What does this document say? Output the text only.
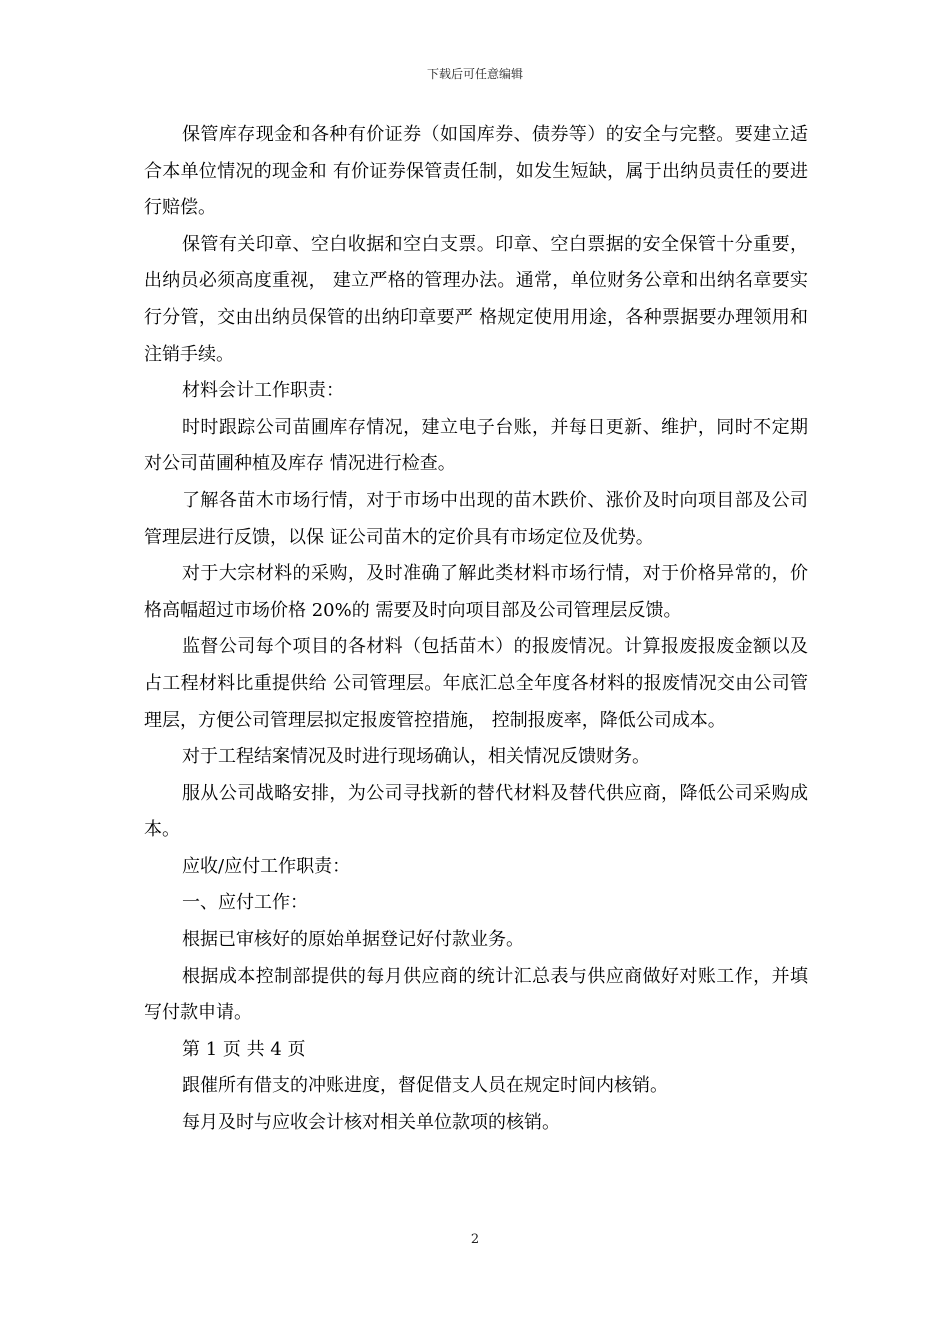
下载后可任意编辑

保管库存现金和各种有价证券（如国库券、债券等）的安全与完整。要建立适合本单位情况的现金和 有价证券保管责任制，如发生短缺，属于出纳员责任的要进行赔偿。

保管有关印章、空白收据和空白支票。印章、空白票据的安全保管十分重要，出纳员必须高度重视， 建立严格的管理办法。通常，单位财务公章和出纳名章要实行分管，交由出纳员保管的出纳印章要严 格规定使用用途，各种票据要办理领用和注销手续。

材料会计工作职责：

时时跟踪公司苗圃库存情况，建立电子台账，并每日更新、维护，同时不定期对公司苗圃种植及库存 情况进行检查。

了解各苗木市场行情，对于市场中出现的苗木跌价、涨价及时向项目部及公司管理层进行反馈，以保 证公司苗木的定价具有市场定位及优势。

对于大宗材料的采购，及时准确了解此类材料市场行情，对于价格异常的，价格高幅超过市场价格 20%的 需要及时向项目部及公司管理层反馈。

监督公司每个项目的各材料（包括苗木）的报废情况。计算报废报废金额以及占工程材料比重提供给 公司管理层。年底汇总全年度各材料的报废情况交由公司管理层，方便公司管理层拟定报废管控措施， 控制报废率，降低公司成本。

对于工程结案情况及时进行现场确认，相关情况反馈财务。

服从公司战略安排，为公司寻找新的替代材料及替代供应商，降低公司采购成本。

应收/应付工作职责：

一、应付工作：

根据已审核好的原始单据登记好付款业务。

根据成本控制部提供的每月供应商的统计汇总表与供应商做好对账工作，并填写付款申请。

第 1 页 共 4 页

跟催所有借支的冲账进度，督促借支人员在规定时间内核销。

每月及时与应收会计核对相关单位款项的核销。

2
